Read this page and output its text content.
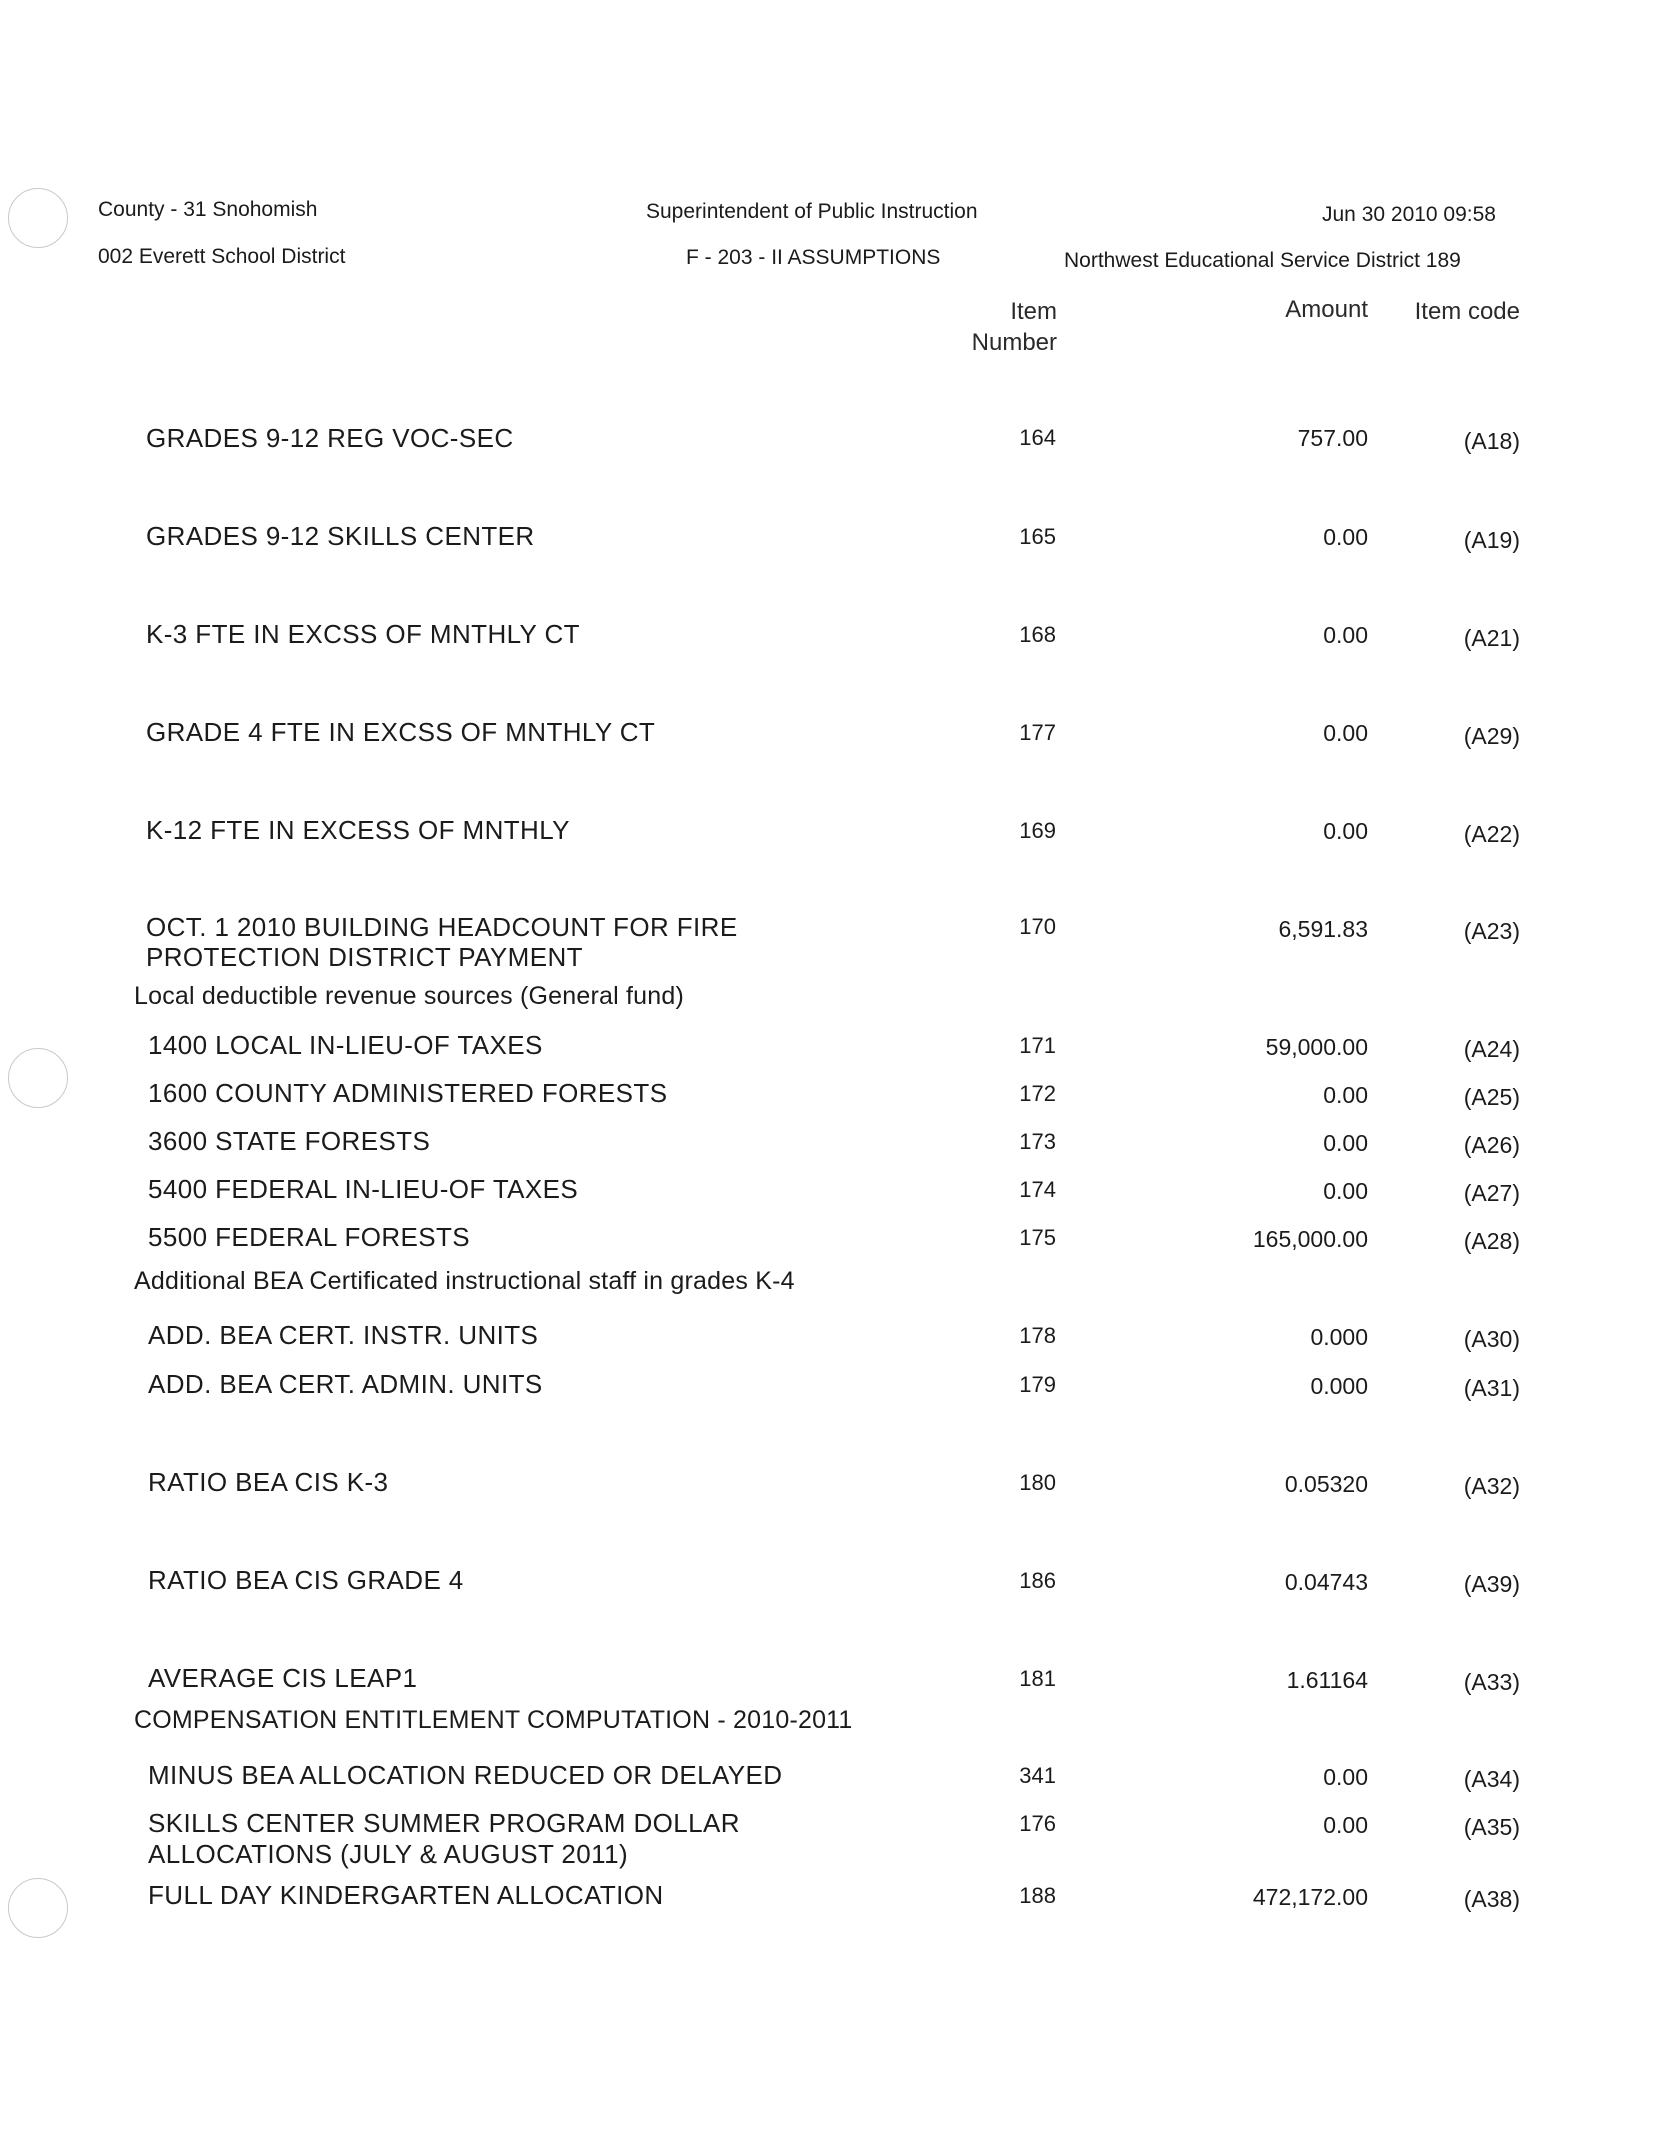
County - 31 Snohomish
002 Everett School District
Superintendent of Public Instruction
F - 203 - II ASSUMPTIONS
Jun 30 2010 09:58
Northwest Educational Service District 189
Item
Number
Amount	Item code
Local deductible revenue sources (General fund)
Additional BEA Certificated instructional staff in grades K-4
COMPENSATION ENTITLEMENT COMPUTATION - 2010-2011
GRADES 9-12 REG VOC-SEC	164	757.00	(A18)
GRADES 9-12 SKILLS CENTER	165	0.00	(A19)
K-3 FTE IN EXCSS OF MNTHLY CT	168	0.00	(A21)
GRADE 4 FTE IN EXCSS OF MNTHLY CT	177	0.00	(A29)
K-12 FTE IN EXCESS OF MNTHLY	169	0.00	(A22)
OCT. 1 2010 BUILDING HEADCOUNT FOR FIRE
PROTECTION DISTRICT PAYMENT
170	6,591.83	(A23)
1400 LOCAL IN-LIEU-OF TAXES	171	59,000.00	(A24)
1600 COUNTY ADMINISTERED FORESTS	172	0.00	(A25)
3600 STATE FORESTS	173	0.00	(A26)
5400 FEDERAL IN-LIEU-OF TAXES	174	0.00	(A27)
5500 FEDERAL FORESTS	175	165,000.00	(A28)
ADD. BEA CERT. INSTR. UNITS	178	0.000	(A30)
ADD. BEA CERT. ADMIN. UNITS	179	0.000	(A31)
RATIO BEA CIS K-3	180	0.05320	(A32)
RATIO BEA CIS GRADE 4	186	0.04743	(A39)
AVERAGE CIS LEAP1	181	1.61164	(A33)
MINUS BEA ALLOCATION REDUCED OR DELAYED	341	0.00	(A34)
SKILLS CENTER SUMMER PROGRAM DOLLAR
ALLOCATIONS (JULY & AUGUST 2011)
176	0.00	(A35)
FULL DAY KINDERGARTEN ALLOCATION	188	472,172.00	(A38)
